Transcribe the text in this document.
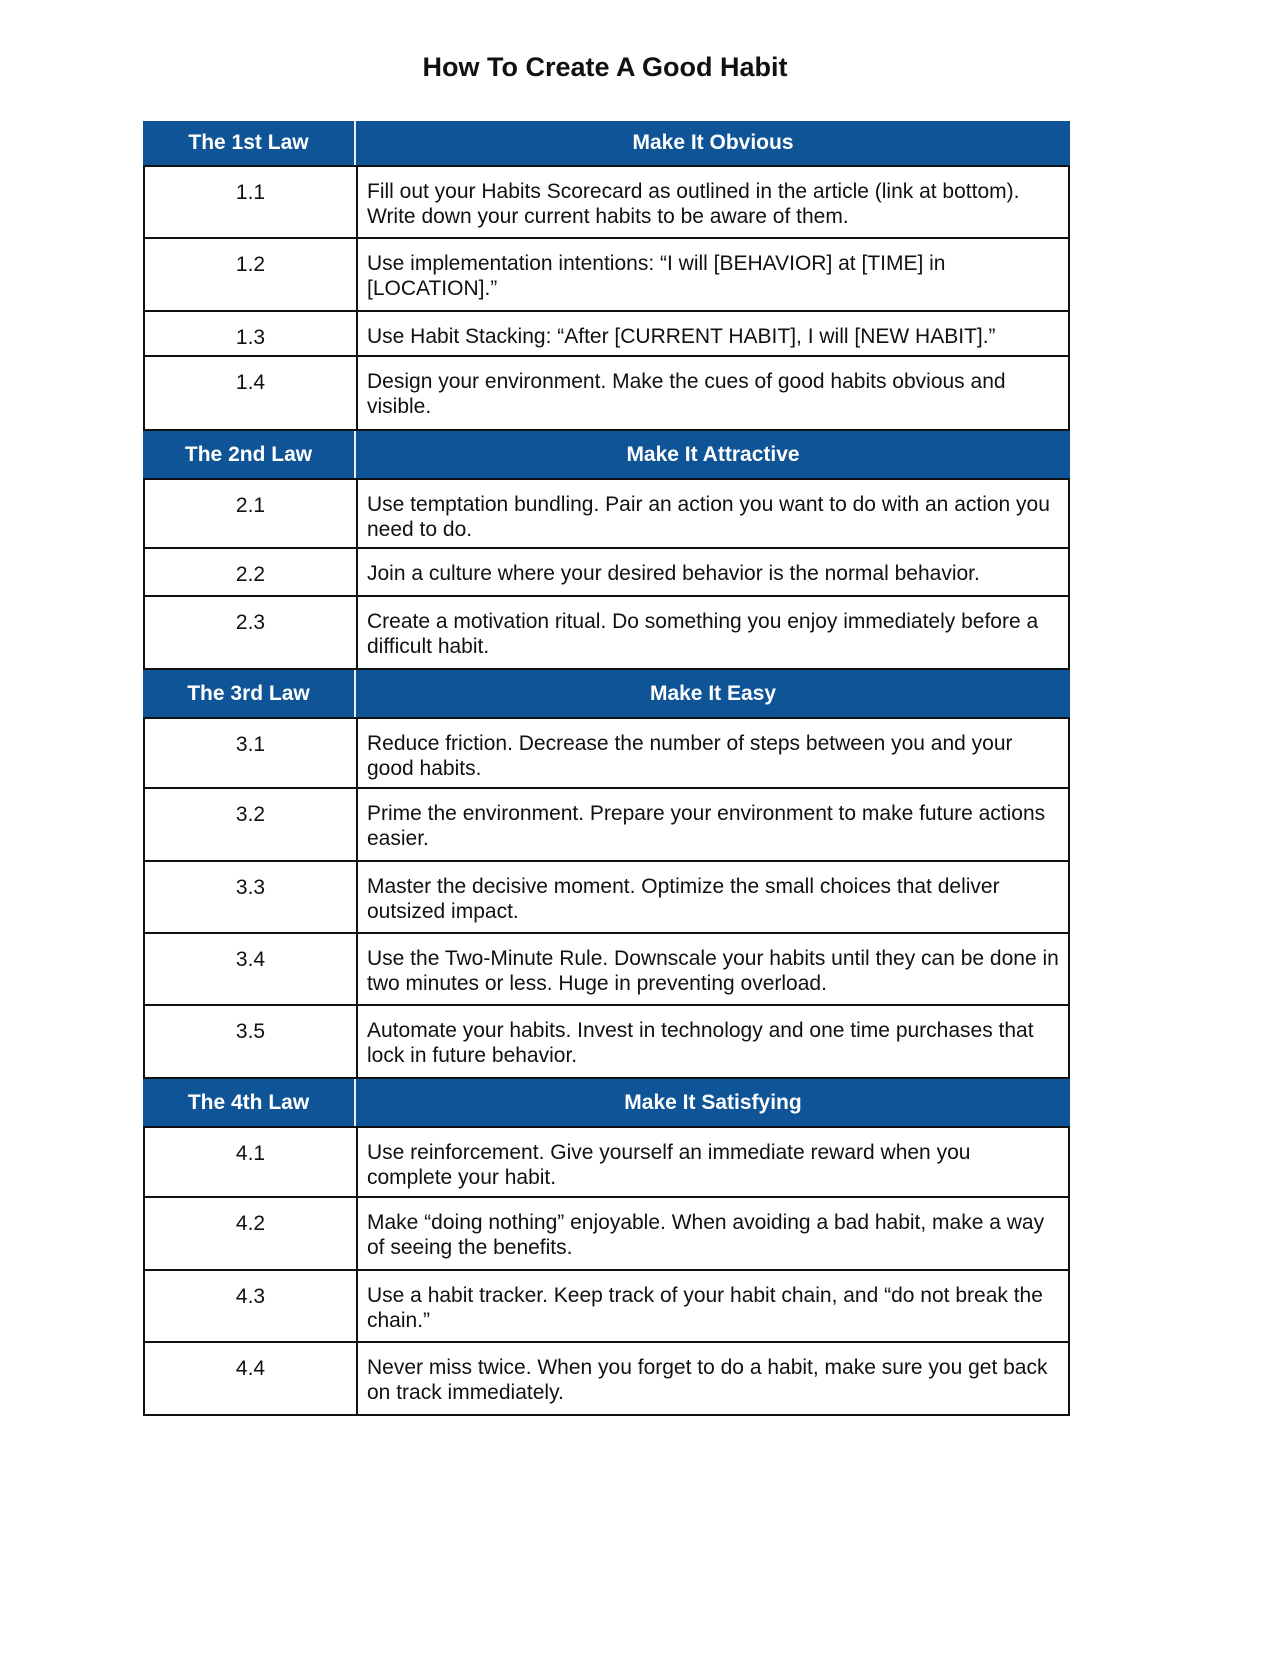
How To Create A Good Habit
The 1st Law	Make It Obvious
1.1	Fill out your Habits Scorecard as outlined in the article (link at bottom). Write down your current habits to be aware of them.
1.2	Use implementation intentions: “I will [BEHAVIOR] at [TIME] in [LOCATION].”
1.3	Use Habit Stacking: “After [CURRENT HABIT], I will [NEW HABIT].”
1.4	Design your environment. Make the cues of good habits obvious and visible.
The 2nd Law	Make It Attractive
2.1	Use temptation bundling. Pair an action you want to do with an action you need to do.
2.2	Join a culture where your desired behavior is the normal behavior.
2.3	Create a motivation ritual. Do something you enjoy immediately before a difficult habit.
The 3rd Law	Make It Easy
3.1	Reduce friction. Decrease the number of steps between you and your good habits.
3.2	Prime the environment. Prepare your environment to make future actions easier.
3.3	Master the decisive moment. Optimize the small choices that deliver outsized impact.
3.4	Use the Two-Minute Rule. Downscale your habits until they can be done in two minutes or less. Huge in preventing overload.
3.5	Automate your habits. Invest in technology and one time purchases that lock in future behavior.
The 4th Law	Make It Satisfying
4.1	Use reinforcement. Give yourself an immediate reward when you complete your habit.
4.2	Make “doing nothing” enjoyable. When avoiding a bad habit, make a way of seeing the benefits.
4.3	Use a habit tracker. Keep track of your habit chain, and “do not break the chain.”
4.4	Never miss twice. When you forget to do a habit, make sure you get back on track immediately.
